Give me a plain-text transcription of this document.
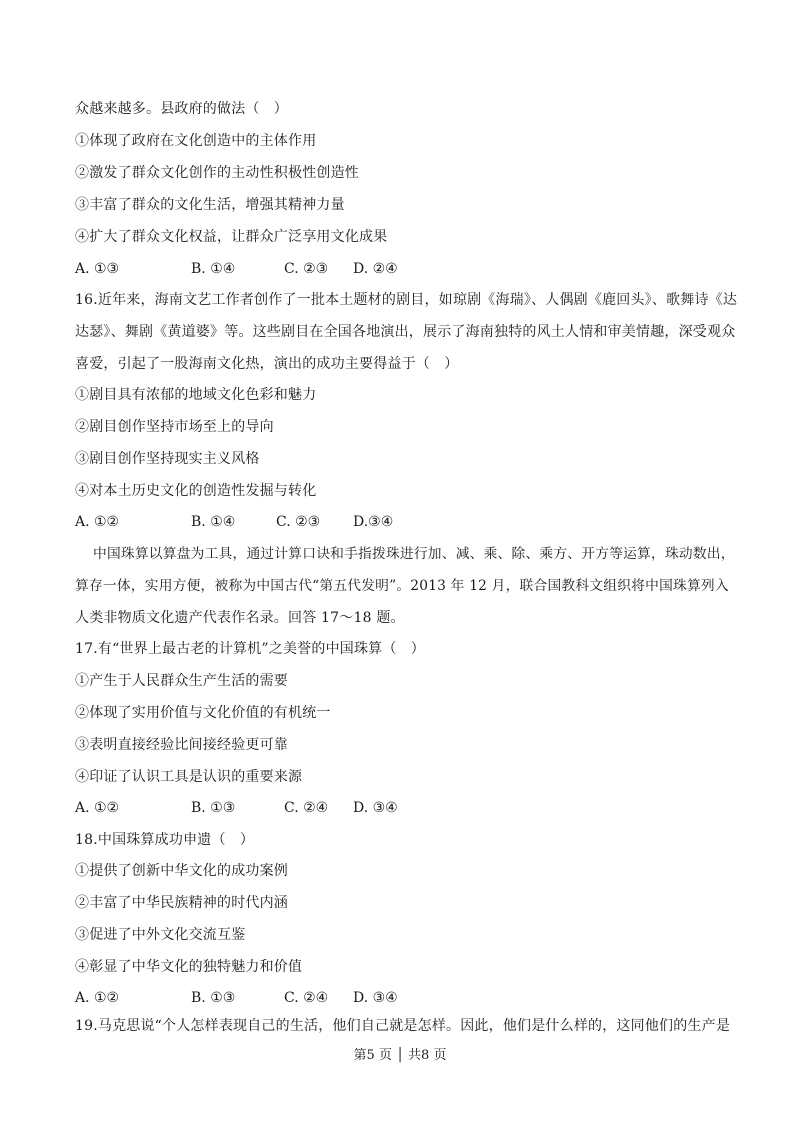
众越来越多。县政府的做法（　）
①体现了政府在文化创造中的主体作用
②激发了群众文化创作的主动性积极性创造性
③丰富了群众的文化生活，增强其精神力量
④扩大了群众文化权益，让群众广泛享用文化成果
A. ①③	B. ①④	C. ②③ D. ②④
16.近年来，海南文艺工作者创作了一批本土题材的剧目，如琼剧《海瑞》、人偶剧《鹿回头》、歌舞诗《达
达瑟》、舞剧《黄道婆》等。这些剧目在全国各地演出，展示了海南独特的风土人情和审美情趣，深受观众
喜爱，引起了一股海南文化热，演出的成功主要得益于（　）
①剧目具有浓郁的地域文化色彩和魅力
②剧目创作坚持市场至上的导向
③剧目创作坚持现实主义风格
④对本土历史文化的创造性发掘与转化
A. ①②	B. ①④	C. ②③ D.③④
中国珠算以算盘为工具，通过计算口诀和手指拨珠进行加、减、乘、除、乘方、开方等运算，珠动数出，
算存一体，实用方便，被称为中国古代“第五代发明”。2013 年 12 月，联合国教科文组织将中国珠算列入
人类非物质文化遗产代表作名录。回答 17～18 题。
17.有“世界上最古老的计算机”之美誉的中国珠算（　）
①产生于人民群众生产生活的需要
②体现了实用价值与文化价值的有机统一
③表明直接经验比间接经验更可靠
④印证了认识工具是认识的重要来源
A. ①②	B. ①③	C. ②④ D. ③④
18.中国珠算成功申遗（　）
①提供了创新中华文化的成功案例
②丰富了中华民族精神的时代内涵
③促进了中外文化交流互鉴
④彰显了中华文化的独特魅力和价值
A. ①②	B. ①③	C. ②④ D. ③④
19.马克思说“个人怎样表现自己的生活，他们自己就是怎样。因此，他们是什么样的，这同他们的生产是
第5 页 │ 共8 页
